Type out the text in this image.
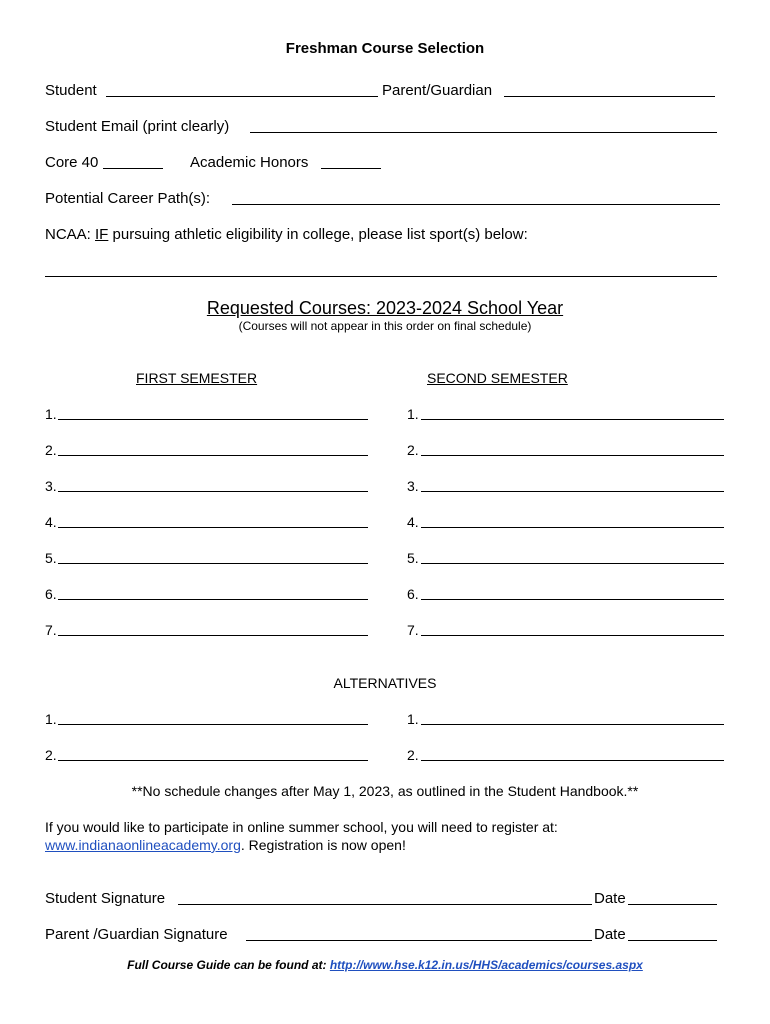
Freshman Course Selection
Student	Parent/Guardian
Student Email (print clearly)
Core 40	Academic Honors
Potential Career Path(s):
NCAA: IF pursuing athletic eligibility in college, please list sport(s) below:
Requested Courses: 2023-2024 School Year
(Courses will not appear in this order on final schedule)
FIRST SEMESTER	SECOND SEMESTER
1.	1.
2.	2.
3.	3.
4.	4.
5.	5.
6.	6.
7.	7.
ALTERNATIVES
1.	1.
2.	2.
**No schedule changes after May 1, 2023, as outlined in the Student Handbook.**
If you would like to participate in online summer school, you will need to register at:
www.indianaonlineacademy.org. Registration is now open!
Student Signature	Date
Parent /Guardian Signature	Date
Full Course Guide can be found at: http://www.hse.k12.in.us/HHS/academics/courses.aspx
